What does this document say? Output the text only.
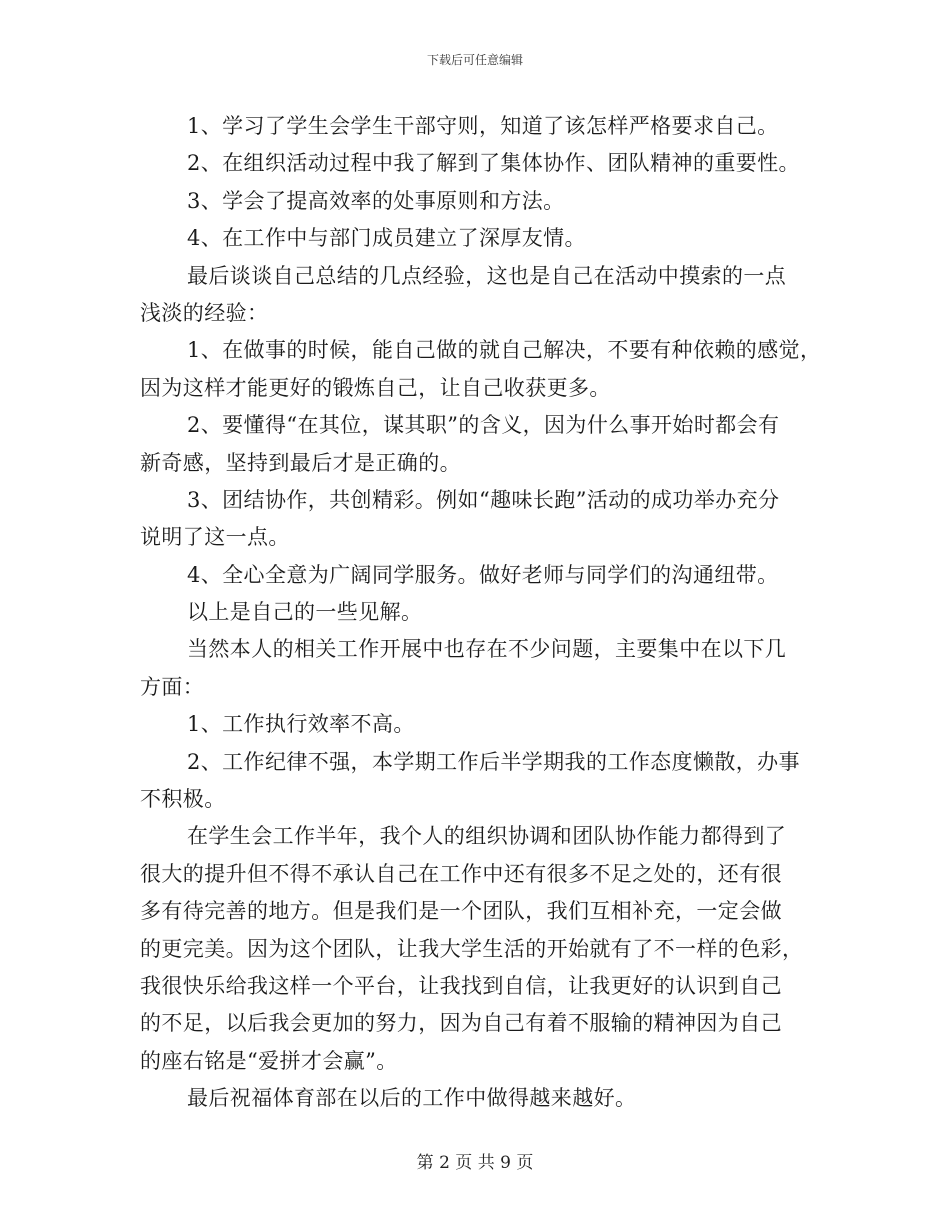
下载后可任意编辑
1、学习了学生会学生干部守则，知道了该怎样严格要求自己。
2、在组织活动过程中我了解到了集体协作、团队精神的重要性。
3、学会了提高效率的处事原则和方法。
4、在工作中与部门成员建立了深厚友情。
最后谈谈自己总结的几点经验，这也是自己在活动中摸索的一点
浅淡的经验：
1、在做事的时候，能自己做的就自己解决，不要有种依赖的感觉，
因为这样才能更好的锻炼自己，让自己收获更多。
2、要懂得“在其位，谋其职”的含义，因为什么事开始时都会有
新奇感，坚持到最后才是正确的。
3、团结协作，共创精彩。例如“趣味长跑”活动的成功举办充分
说明了这一点。
4、全心全意为广阔同学服务。做好老师与同学们的沟通纽带。
以上是自己的一些见解。
当然本人的相关工作开展中也存在不少问题，主要集中在以下几
方面：
1、工作执行效率不高。
2、工作纪律不强，本学期工作后半学期我的工作态度懒散，办事
不积极。
在学生会工作半年，我个人的组织协调和团队协作能力都得到了
很大的提升但不得不承认自己在工作中还有很多不足之处的，还有很
多有待完善的地方。但是我们是一个团队，我们互相补充，一定会做
的更完美。因为这个团队，让我大学生活的开始就有了不一样的色彩，
我很快乐给我这样一个平台，让我找到自信，让我更好的认识到自己
的不足，以后我会更加的努力，因为自己有着不服输的精神因为自己
的座右铭是“爱拼才会赢”。
最后祝福体育部在以后的工作中做得越来越好。
第 2 页 共 9 页
